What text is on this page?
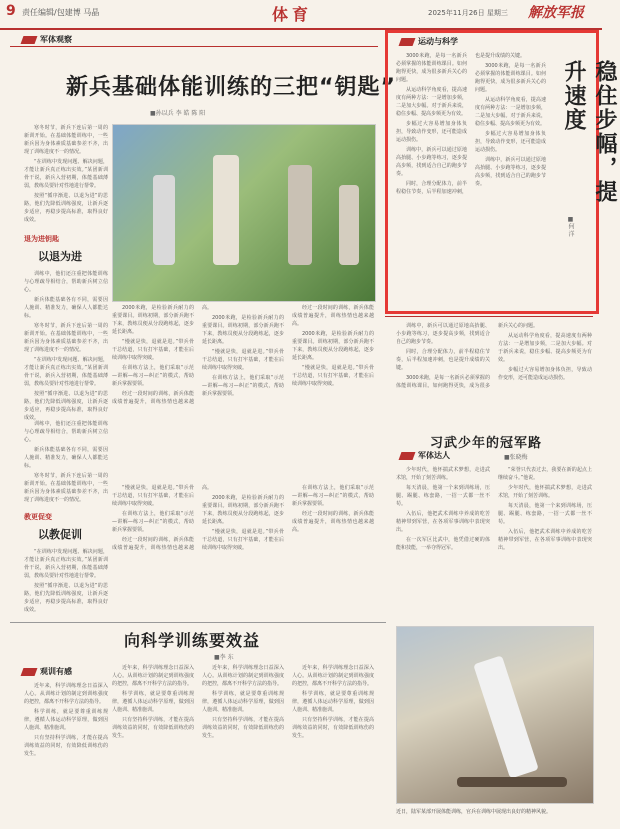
9 责任编辑/包建博 马晶	体育	2025年11月26日 星期三 解放军报
军体观察
新兵基础体能训练的三把“钥匙”
■孙以兵 李 皓 陈 阳

寒冬时节，新兵下连后第一周的新训开始。在基础体能训练中，一些新兵因为身体素质基础参差不齐，出现了训练进度不一的情况。

“在训练中发现问题、解决问题，才能让新兵真正练出实效。”某团新训骨干说，新兵入营初期，体能基础薄弱，教练员要针对性地进行帮带。

按照“循序渐进、以退为进”的思路，他们先降低训练强度，让新兵逐步适应，再稳步提高标准，取得良好成效。

退为进钥匙
以退为进

训练中，他们还注重把体能训练与心理疏导相结合，帮助新兵树立信心。

新兵体能基础各有不同，需要因人施训、精准发力，确保人人都能达标。

寒冬时节，新兵下连后第一周的新训开始。在基础体能训练中，一些新兵因为身体素质基础参差不齐，出现了训练进度不一的情况。

“在训练中发现问题、解决问题，才能让新兵真正练出实效。”某团新训骨干说，新兵入营初期，体能基础薄弱，教练员要针对性地进行帮带。

按照“循序渐进、以退为进”的思路，他们先降低训练强度，让新兵逐步适应，再稳步提高标准，取得良好成效。

2000米跑，是检验新兵耐力的重要课目。训练初期，部分新兵跑不下来，教练员便从分段跑练起，逐步延长距离。

“慢就是快，退就是进。”带兵骨干总结道，只有打牢基础，才能在后续训练中取得突破。

在训练方法上，他们采取“示范—讲解—练习—纠正”的模式，帮助新兵掌握要领。

经过一段时间的训练，新兵体能成绩普遍提升，训练热情也越来越高。

2000米跑，是检验新兵耐力的重要课目。训练初期，部分新兵跑不下来，教练员便从分段跑练起，逐步延长距离。

“慢就是快，退就是进。”带兵骨干总结道，只有打牢基础，才能在后续训练中取得突破。

在训练方法上，他们采取“示范—讲解—练习—纠正”的模式，帮助新兵掌握要领。

经过一段时间的训练，新兵体能成绩普遍提升，训练热情也越来越高。

2000米跑，是检验新兵耐力的重要课目。训练初期，部分新兵跑不下来，教练员便从分段跑练起，逐步延长距离。

“慢就是快，退就是进。”带兵骨干总结道，只有打牢基础，才能在后续训练中取得突破。

训练中，他们还注重把体能训练与心理疏导相结合，帮助新兵树立信心。

新兵体能基础各有不同，需要因人施训、精准发力，确保人人都能达标。

寒冬时节，新兵下连后第一周的新训开始。在基础体能训练中，一些新兵因为身体素质基础参差不齐，出现了训练进度不一的情况。

教更促变
以教促训

“在训练中发现问题、解决问题，才能让新兵真正练出实效。”某团新训骨干说，新兵入营初期，体能基础薄弱，教练员要针对性地进行帮带。

按照“循序渐进、以退为进”的思路，他们先降低训练强度，让新兵逐步适应，再稳步提高标准，取得良好成效。

“慢就是快，退就是进。”带兵骨干总结道，只有打牢基础，才能在后续训练中取得突破。

在训练方法上，他们采取“示范—讲解—练习—纠正”的模式，帮助新兵掌握要领。

经过一段时间的训练，新兵体能成绩普遍提升，训练热情也越来越高。

2000米跑，是检验新兵耐力的重要课目。训练初期，部分新兵跑不下来，教练员便从分段跑练起，逐步延长距离。

“慢就是快，退就是进。”带兵骨干总结道，只有打牢基础，才能在后续训练中取得突破。

在训练方法上，他们采取“示范—讲解—练习—纠正”的模式，帮助新兵掌握要领。

经过一段时间的训练，新兵体能成绩普遍提升，训练热情也越来越高。

运动与科学
稳住步幅，提升速度
■何 洋

3000米跑，是每一名新兵必须掌握的体能训练课目。如何跑得更快，成为很多新兵关心的问题。

从运动科学角度看，提高速度有两种方法：一是增加步频，二是加大步幅。对于新兵来说，稳住步幅、提高步频更为有效。

步幅过大容易增加身体负担，导致动作变形，还可能造成运动损伤。

训练中，新兵可以通过原地高抬腿、小步跑等练习，逐步提高步频，找到适合自己的跑步节奏。

同时，合理分配体力，前半程稳住节奏，后半程加速冲刺，也是提升成绩的关键。

3000米跑，是每一名新兵必须掌握的体能训练课目。如何跑得更快，成为很多新兵关心的问题。

从运动科学角度看，提高速度有两种方法：一是增加步频，二是加大步幅。对于新兵来说，稳住步幅、提高步频更为有效。

步幅过大容易增加身体负担，导致动作变形，还可能造成运动损伤。

训练中，新兵可以通过原地高抬腿、小步跑等练习，逐步提高步频，找到适合自己的跑步节奏。

习武少年的冠军路
■张晓梅
军体达人

少年时代，他怀揣武术梦想，走进武术馆，开始了刻苦训练。

每天清晨，他第一个来到训练场，压腿、踢腿、练套路，一招一式都一丝不苟。

入伍后，他把武术训练中养成的吃苦精神带到军营，在各项军事训练中表现突出。

在一次军区比武中，他凭借过硬的体能和技能，一举夺得冠军。

“荣誉只代表过去，我要在新的起点上继续奋斗。”他说。

少年时代，他怀揣武术梦想，走进武术馆，开始了刻苦训练。

每天清晨，他第一个来到训练场，压腿、踢腿、练套路，一招一式都一丝不苟。

入伍后，他把武术训练中养成的吃苦精神带到军营，在各项军事训练中表现突出。

训练中，新兵可以通过原地高抬腿、小步跑等练习，逐步提高步频，找到适合自己的跑步节奏。

同时，合理分配体力，前半程稳住节奏，后半程加速冲刺，也是提升成绩的关键。

3000米跑，是每一名新兵必须掌握的体能训练课目。如何跑得更快，成为很多新兵关心的问题。

从运动科学角度看，提高速度有两种方法：一是增加步频，二是加大步幅。对于新兵来说，稳住步幅、提高步频更为有效。

步幅过大容易增加身体负担，导致动作变形，还可能造成运动损伤。

向科学训练要效益
■李 东
观训有感	近年来，科学训练理念日益深入人心。从训练计划的制定到训练强度的把控，都离不开科学方法的指导。

科学训练，就是要尊重训练规律，遵循人体运动科学原理，做到因人施训、精准施训。

只有坚持科学训练，才能在提高训练效益的同时，有效降低训练伤的发生。

近年来，科学训练理念日益深入人心。从训练计划的制定到训练强度的把控，都离不开科学方法的指导。

科学训练，就是要尊重训练规律，遵循人体运动科学原理，做到因人施训、精准施训。

只有坚持科学训练，才能在提高训练效益的同时，有效降低训练伤的发生。

近年来，科学训练理念日益深入人心。从训练计划的制定到训练强度的把控，都离不开科学方法的指导。

科学训练，就是要尊重训练规律，遵循人体运动科学原理，做到因人施训、精准施训。

只有坚持科学训练，才能在提高训练效益的同时，有效降低训练伤的发生。

近年来，科学训练理念日益深入人心。从训练计划的制定到训练强度的把控，都离不开科学方法的指导。

科学训练，就是要尊重训练规律，遵循人体运动科学原理，做到因人施训、精准施训。

只有坚持科学训练，才能在提高训练效益的同时，有效降低训练伤的发生。

近日，陆军某部开展体能训练，官兵在训练中展现出良好的精神风貌。
